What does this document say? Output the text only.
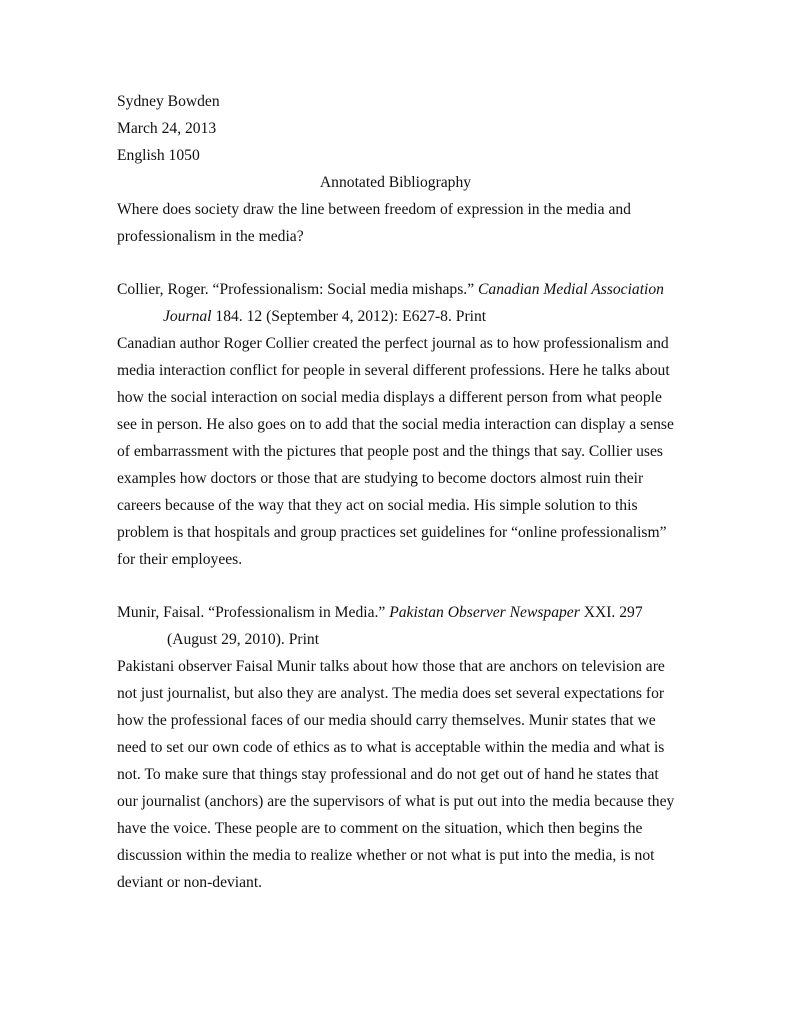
Sydney Bowden
March 24, 2013
English 1050
Annotated Bibliography
Where does society draw the line between freedom of expression in the media and
professionalism in the media?
Collier, Roger. “Professionalism: Social media mishaps.” Canadian Medial Association
Journal 184. 12 (September 4, 2012): E627-8. Print
Canadian author Roger Collier created the perfect journal as to how professionalism and
media interaction conflict for people in several different professions. Here he talks about
how the social interaction on social media displays a different person from what people
see in person. He also goes on to add that the social media interaction can display a sense
of embarrassment with the pictures that people post and the things that say. Collier uses
examples how doctors or those that are studying to become doctors almost ruin their
careers because of the way that they act on social media. His simple solution to this
problem is that hospitals and group practices set guidelines for “online professionalism”
for their employees.
Munir, Faisal. “Professionalism in Media.” Pakistan Observer Newspaper XXI. 297
(August 29, 2010). Print
Pakistani observer Faisal Munir talks about how those that are anchors on television are
not just journalist, but also they are analyst. The media does set several expectations for
how the professional faces of our media should carry themselves. Munir states that we
need to set our own code of ethics as to what is acceptable within the media and what is
not. To make sure that things stay professional and do not get out of hand he states that
our journalist (anchors) are the supervisors of what is put out into the media because they
have the voice. These people are to comment on the situation, which then begins the
discussion within the media to realize whether or not what is put into the media, is not
deviant or non-deviant.
